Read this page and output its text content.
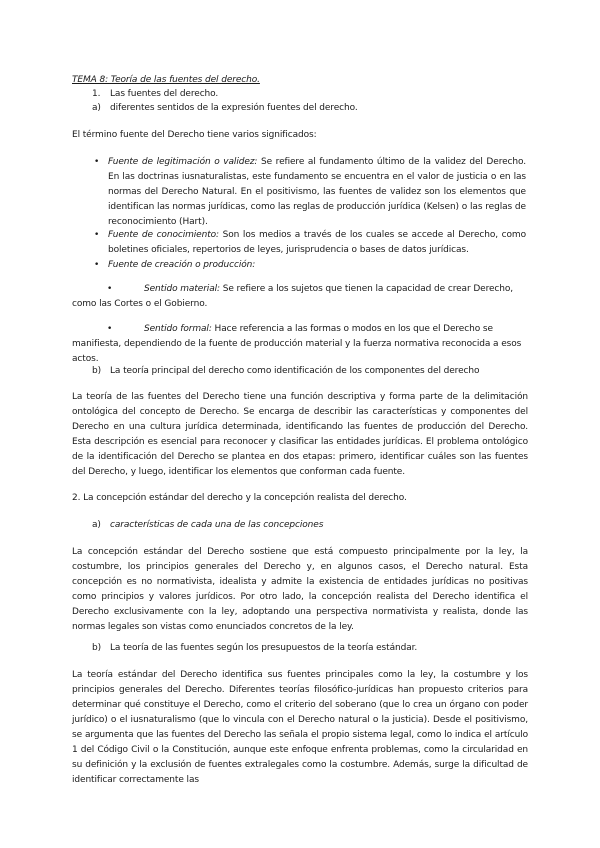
TEMA 8: Teoría de las fuentes del derecho.
1. Las fuentes del derecho.
a) diferentes sentidos de la expresión fuentes del derecho.

El término fuente del Derecho tiene varios significados:

• Fuente de legitimación o validez: Se refiere al fundamento último de la validez del Derecho. En las doctrinas iusnaturalistas, este fundamento se encuentra en el valor de justicia o en las normas del Derecho Natural. En el positivismo, las fuentes de validez son los elementos que identifican las normas jurídicas, como las reglas de producción jurídica (Kelsen) o las reglas de reconocimiento (Hart).

• Fuente de conocimiento: Son los medios a través de los cuales se accede al Derecho, como boletines oficiales, repertorios de leyes, jurisprudencia o bases de datos jurídicas.

• Fuente de creación o producción:

•	Sentido material: Se refiere a los sujetos que tienen la capacidad de crear Derecho, como las Cortes o el Gobierno.

•	Sentido formal: Hace referencia a las formas o modos en los que el Derecho se manifiesta, dependiendo de la fuente de producción material y la fuerza normativa reconocida a esos actos.

b) La teoría principal del derecho como identificación de los componentes del derecho

La teoría de las fuentes del Derecho tiene una función descriptiva y forma parte de la delimitación ontológica del concepto de Derecho. Se encarga de describir las características y componentes del Derecho en una cultura jurídica determinada, identificando las fuentes de producción del Derecho. Esta descripción es esencial para reconocer y clasificar las entidades jurídicas. El problema ontológico de la identificación del Derecho se plantea en dos etapas: primero, identificar cuáles son las fuentes del Derecho, y luego, identificar los elementos que conforman cada fuente.

2. La concepción estándar del derecho y la concepción realista del derecho.

a) características de cada una de las concepciones

La concepción estándar del Derecho sostiene que está compuesto principalmente por la ley, la costumbre, los principios generales del Derecho y, en algunos casos, el Derecho natural. Esta concepción es no normativista, idealista y admite la existencia de entidades jurídicas no positivas como principios y valores jurídicos. Por otro lado, la concepción realista del Derecho identifica el Derecho exclusivamente con la ley, adoptando una perspectiva normativista y realista, donde las normas legales son vistas como enunciados concretos de la ley.

b) La teoría de las fuentes según los presupuestos de la teoría estándar.

La teoría estándar del Derecho identifica sus fuentes principales como la ley, la costumbre y los principios generales del Derecho. Diferentes teorías filosófico-jurídicas han propuesto criterios para determinar qué constituye el Derecho, como el criterio del soberano (que lo crea un órgano con poder jurídico) o el iusnaturalismo (que lo vincula con el Derecho natural o la justicia). Desde el positivismo, se argumenta que las fuentes del Derecho las señala el propio sistema legal, como lo indica el artículo 1 del Código Civil o la Constitución, aunque este enfoque enfrenta problemas, como la circularidad en su definición y la exclusión de fuentes extralegales como la costumbre. Además, surge la dificultad de identificar correctamente las
